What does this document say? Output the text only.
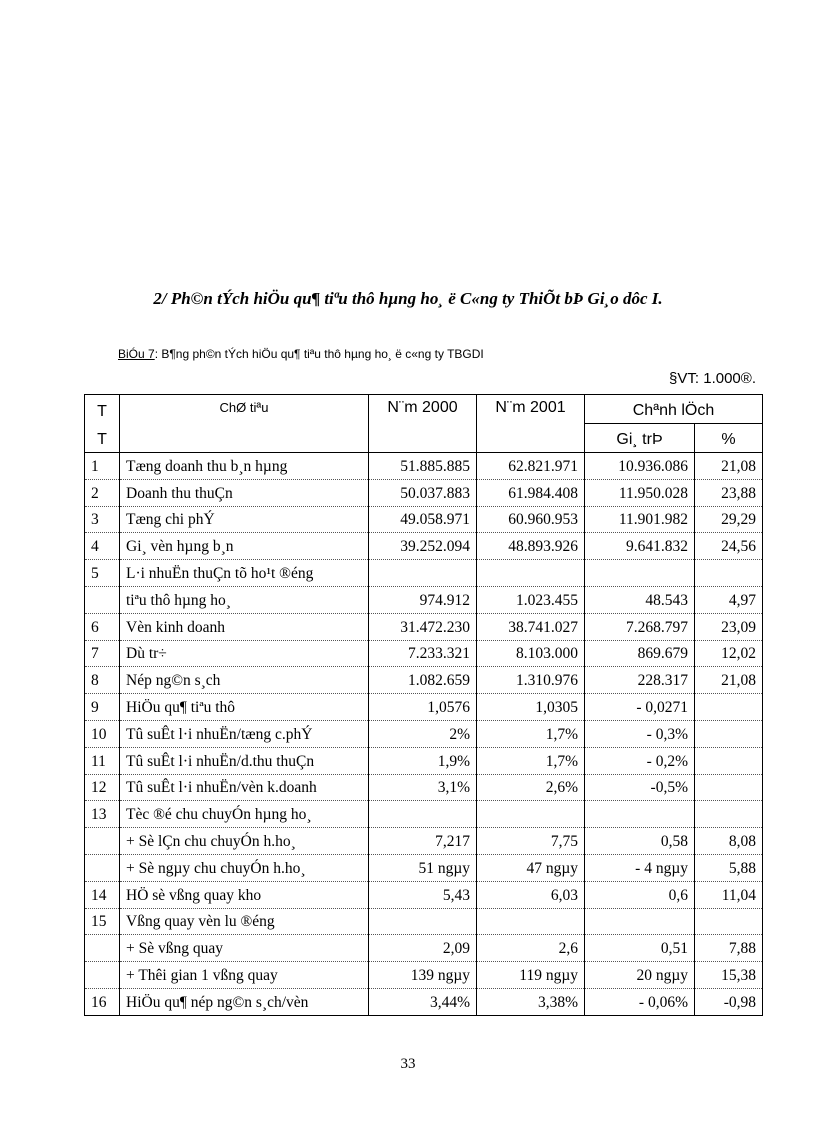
2/ Ph©n tÝch hiÖu qu¶ tiªu thô hµng ho¸ ë C«ng ty ThiÕt bÞ Gi¸o dôc I.
BiÓu 7: B¶ng ph©n tÝch hiÖu qu¶ tiªu thô hµng ho¸ ë c«ng ty TBGDI
§VT: 1.000®.
T	ChØ tiªu	N¨m 2000	N¨m 2001	Chªnh lÖch	
T				Gi¸ trÞ	%
1	Tæng doanh thu b¸n hµng	51.885.885	62.821.971	10.936.086	21,08
2	Doanh thu thuÇn	50.037.883	61.984.408	11.950.028	23,88
3	Tæng chi phÝ	49.058.971	60.960.953	11.901.982	29,29
4	Gi¸ vèn hµng b¸n	39.252.094	48.893.926	9.641.832	24,56
5	L·i nhuËn thuÇn tõ ho¹t ®éng				
	tiªu thô hµng ho¸	974.912	1.023.455	48.543	4,97
6	Vèn kinh doanh	31.472.230	38.741.027	7.268.797	23,09
7	Dù tr÷	7.233.321	8.103.000	869.679	12,02
8	Nép ng©n s¸ch	1.082.659	1.310.976	228.317	21,08
9	HiÖu qu¶ tiªu thô	1,0576	1,0305	- 0,0271	
10	Tû suÊt l·i nhuËn/tæng c.phÝ	2%	1,7%	- 0,3%	
11	Tû suÊt l·i nhuËn/d.thu thuÇn	1,9%	1,7%	- 0,2%	
12	Tû suÊt l·i nhuËn/vèn k.doanh	3,1%	2,6%	-0,5%	
13	Tèc ®é chu chuyÓn hµng ho¸				
	+ Sè lÇn chu chuyÓn h.ho¸	7,217	7,75	0,58	8,08
	+ Sè ngµy chu chuyÓn h.ho¸	51 ngµy	47 ngµy	- 4 ngµy	5,88
14	HÖ sè vßng quay kho	5,43	6,03	0,6	11,04
15	Vßng quay vèn lu ®éng				
	+ Sè vßng quay	2,09	2,6	0,51	7,88
	+ Thêi gian 1 vßng quay	139 ngµy	119 ngµy	20 ngµy	15,38
16	HiÖu qu¶ nép ng©n s¸ch/vèn	3,44%	3,38%	- 0,06%	-0,98
33
